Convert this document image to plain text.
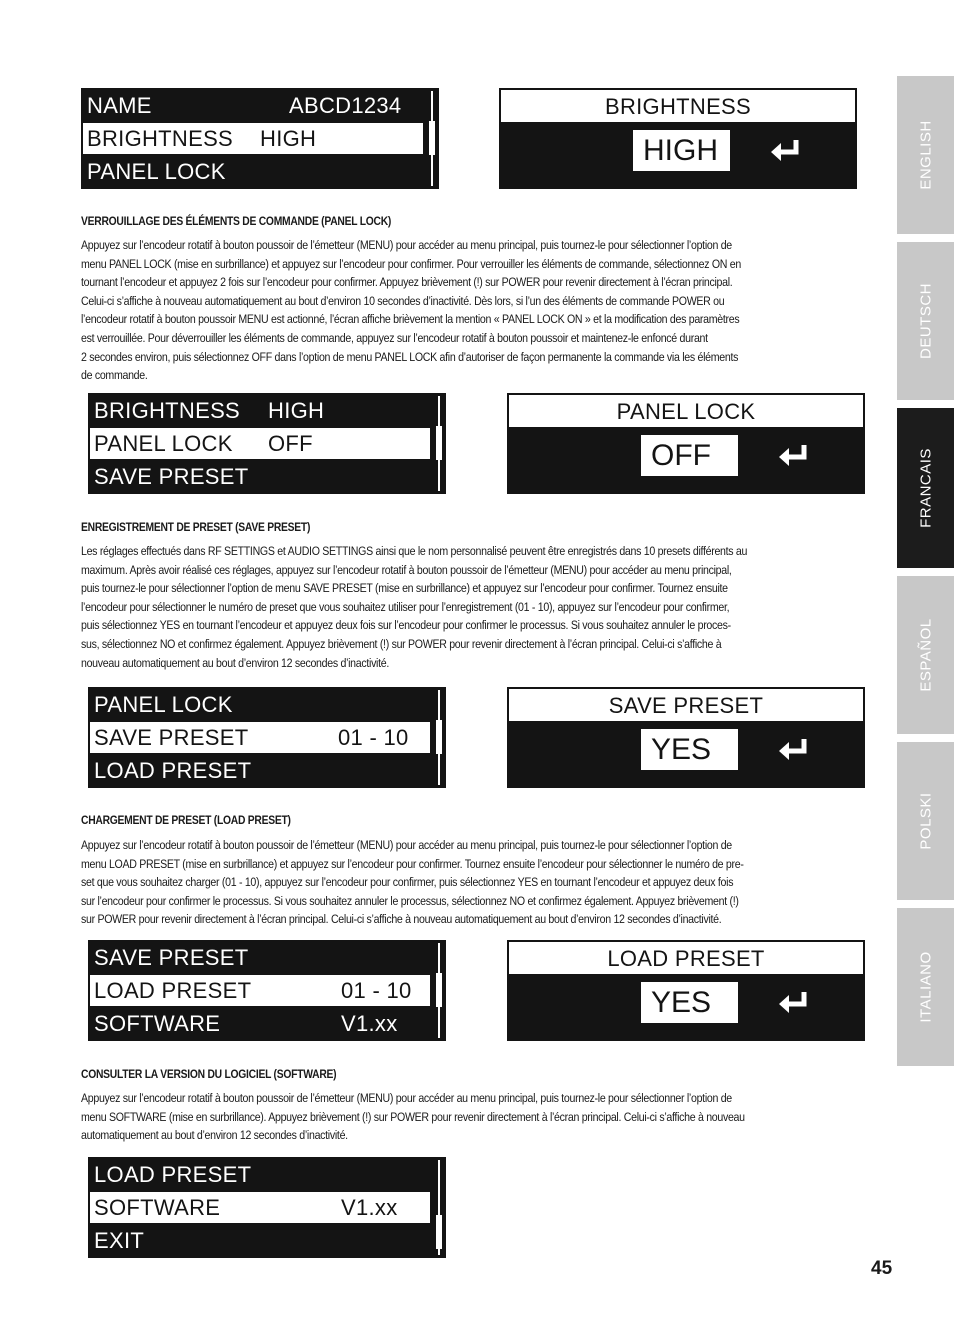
NAME	ABCD1234
BRIGHTNESS HIGH
PANEL LOCK
BRIGHTNESS
HIGH
VERROUILLAGE DES ÉLÉMENTS DE COMMANDE (PANEL LOCK)
Appuyez sur l’encodeur rotatif à bouton poussoir de l’émetteur (MENU) pour accéder au menu principal, puis tournez-le pour sélectionner l’option de
menu PANEL LOCK (mise en surbrillance) et appuyez sur l’encodeur pour confirmer. Pour verrouiller les éléments de commande, sélectionnez ON en
tournant l’encodeur et appuyez 2 fois sur l’encodeur pour confirmer. Appuyez brièvement (!) sur POWER pour revenir directement à l’écran principal.
Celui-ci s’affiche à nouveau automatiquement au bout d’environ 10 secondes d’inactivité. Dès lors, si l’un des éléments de commande POWER ou
l’encodeur rotatif à bouton poussoir MENU est actionné, l’écran affiche brièvement la mention « PANEL LOCK ON » et la modification des paramètres
est verrouillée. Pour déverrouiller les éléments de commande, appuyez sur l’encodeur rotatif à bouton poussoir et maintenez-le enfoncé durant
2 secondes environ, puis sélectionnez OFF dans l’option de menu PANEL LOCK afin d’autoriser de façon permanente la commande via les éléments
de commande.
BRIGHTNESS HIGH
PANEL LOCK OFF
SAVE PRESET
PANEL LOCK
OFF
ENREGISTREMENT DE PRESET (SAVE PRESET)
Les réglages effectués dans RF SETTINGS et AUDIO SETTINGS ainsi que le nom personnalisé peuvent être enregistrés dans 10 presets différents au
maximum. Après avoir réalisé ces réglages, appuyez sur l’encodeur rotatif à bouton poussoir de l’émetteur (MENU) pour accéder au menu principal,
puis tournez-le pour sélectionner l’option de menu SAVE PRESET (mise en surbrillance) et appuyez sur l’encodeur pour confirmer. Tournez ensuite
l’encodeur pour sélectionner le numéro de preset que vous souhaitez utiliser pour l’enregistrement (01 - 10), appuyez sur l’encodeur pour confirmer,
puis sélectionnez YES en tournant l’encodeur et appuyez deux fois sur l’encodeur pour confirmer le processus. Si vous souhaitez annuler le proces-
sus, sélectionnez NO et confirmez également. Appuyez brièvement (!) sur POWER pour revenir directement à l’écran principal. Celui-ci s’affiche à
nouveau automatiquement au bout d’environ 12 secondes d’inactivité.
PANEL LOCK
SAVE PRESET	01 - 10
LOAD PRESET
SAVE PRESET
YES
CHARGEMENT DE PRESET (LOAD PRESET)
Appuyez sur l’encodeur rotatif à bouton poussoir de l’émetteur (MENU) pour accéder au menu principal, puis tournez-le pour sélectionner l’option de
menu LOAD PRESET (mise en surbrillance) et appuyez sur l’encodeur pour confirmer. Tournez ensuite l’encodeur pour sélectionner le numéro de pre-
set que vous souhaitez charger (01 - 10), appuyez sur l’encodeur pour confirmer, puis sélectionnez YES en tournant l’encodeur et appuyez deux fois
sur l’encodeur pour confirmer le processus. Si vous souhaitez annuler le processus, sélectionnez NO et confirmez également. Appuyez brièvement (!)
sur POWER pour revenir directement à l’écran principal. Celui-ci s’affiche à nouveau automatiquement au bout d’environ 12 secondes d’inactivité.
SAVE PRESET
LOAD PRESET	01 - 10
SOFTWARE	V1.xx
LOAD PRESET
YES
CONSULTER LA VERSION DU LOGICIEL (SOFTWARE)
Appuyez sur l’encodeur rotatif à bouton poussoir de l’émetteur (MENU) pour accéder au menu principal, puis tournez-le pour sélectionner l’option de
menu SOFTWARE (mise en surbrillance). Appuyez brièvement (!) sur POWER pour revenir directement à l’écran principal. Celui-ci s’affiche à nouveau
automatiquement au bout d’environ 12 secondes d’inactivité.
LOAD PRESET
SOFTWARE	V1.xx
EXIT
ENGLISH
DEUTSCH
FRANCAIS
ESPAÑOL
POLSKI
ITALIANO
45
